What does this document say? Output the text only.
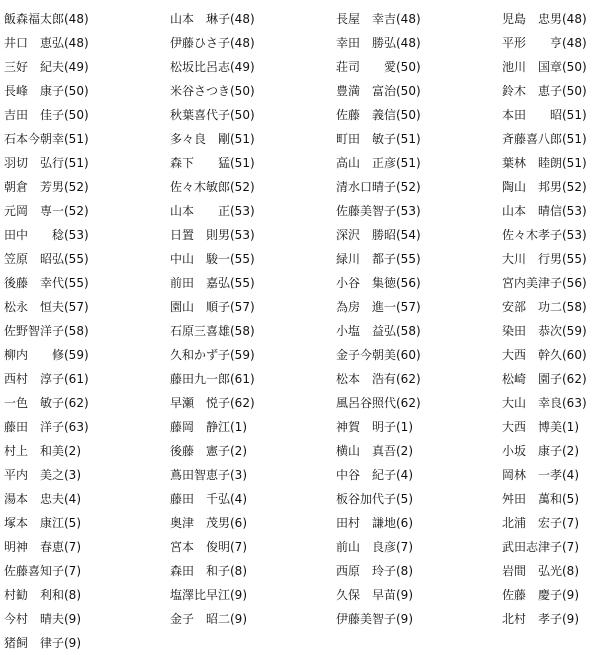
飯森福太郎(48)
井口　恵弘(48)
三好　紀夫(49)
長峰　康子(50)
吉田　佳子(50)
石本今朝幸(51)
羽切　弘行(51)
朝倉　芳男(52)
元岡　専一(52)
田中　　稔(53)
笠原　昭弘(55)
後藤　幸代(55)
松永　恒夫(57)
佐野智洋子(58)
柳内　　修(59)
西村　淳子(61)
一色　敏子(62)
藤田　洋子(63)
村上　和美(2)
平内　美之(3)
湯本　忠夫(4)
塚本　康江(5)
明神　春恵(7)
佐藤喜知子(7)
村勧　利和(8)
今村　晴夫(9)
猪飼　律子(9)
山本　琳子(48)
伊藤ひさ子(48)
松坂比呂志(49)
米谷さつき(50)
秋葉喜代子(50)
多々良　剛(51)
森下　　猛(51)
佐々木敏郎(52)
山本　　正(53)
日置　則男(53)
中山　駿一(55)
前田　嘉弘(55)
園山　順子(57)
石原三喜雄(58)
久和かず子(59)
藤田九一郎(61)
早瀬　悦子(62)
藤岡　静江(1)
後藤　憲子(2)
蔦田智恵子(3)
藤田　千弘(4)
奥津　茂男(6)
宮本　俊明(7)
森田　和子(8)
塩澤比早江(9)
金子　昭二(9)
長屋　幸吉(48)
幸田　勝弘(48)
荘司　　愛(50)
豊満　富治(50)
佐藤　義信(50)
町田　敏子(51)
高山　正彦(51)
清水口晴子(52)
佐藤美智子(53)
深沢　勝昭(54)
緑川　都子(55)
小谷　集徳(56)
為房　進一(57)
小塩　益弘(58)
金子今朝美(60)
松本　浩有(62)
風呂谷照代(62)
神賀　明子(1)
横山　真吾(2)
中谷　紀子(4)
板谷加代子(5)
田村　謙地(6)
前山　良彦(7)
西原　玲子(8)
久保　早苗(9)
伊藤美智子(9)
児島　忠男(48)
平形　　亨(48)
池川　国章(50)
鈴木　恵子(50)
本田　　昭(51)
斉藤喜八郎(51)
葉林　睦朗(51)
陶山　邦男(52)
山本　晴信(53)
佐々木孝子(53)
大川　行男(55)
宮内美津子(56)
安部　功二(58)
染田　恭次(59)
大西　幹久(60)
松崎　園子(62)
大山　幸良(63)
大西　博美(1)
小坂　康子(2)
岡林　一孝(4)
舛田　萬和(5)
北浦　宏子(7)
武田志津子(7)
岩間　弘光(8)
佐藤　慶子(9)
北村　孝子(9)
